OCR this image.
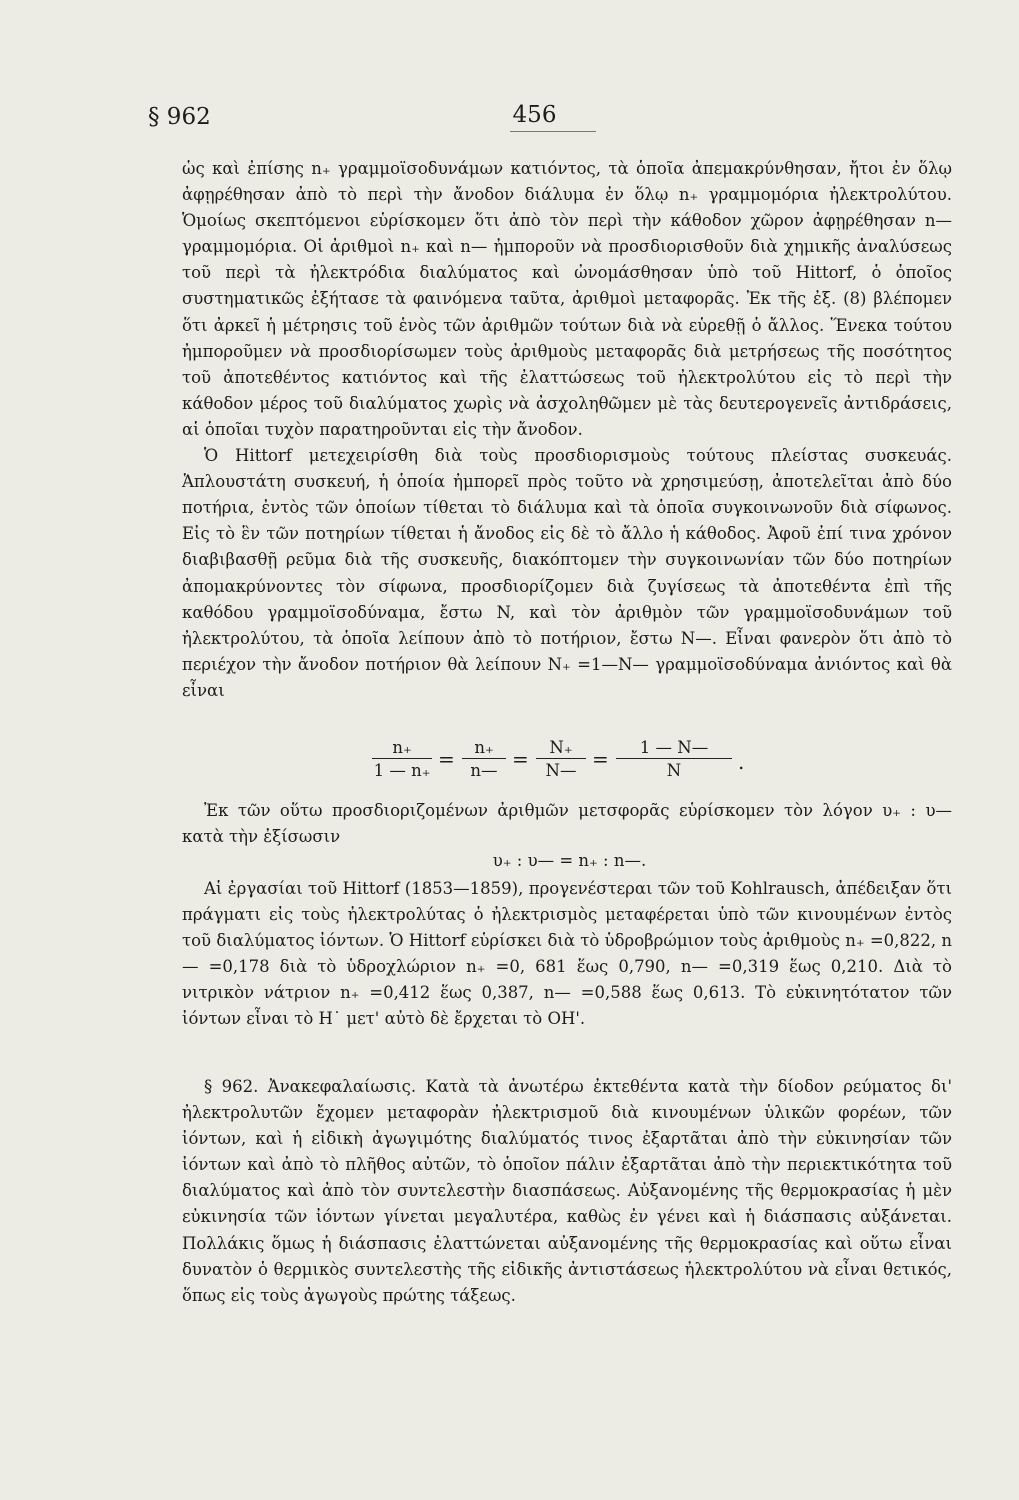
§ 962	456

ὡς καὶ ἐπίσης n₊ γραμμοϊσοδυνάμων κατιόντος, τὰ ὁποῖα ἀπεμακρύνθησαν, ἤτοι ἐν ὅλῳ ἀφῃρέθησαν ἀπὸ τὸ περὶ τὴν ἄνοδον διάλυμα ἐν ὅλῳ n₊ γραμμομόρια ἠλεκτρολύτου. Ὁμοίως σκεπτόμενοι εὑρίσκομεν ὅτι ἀπὸ τὸν περὶ τὴν κάθοδον χῶρον ἀφῃρέθησαν n— γραμμομόρια. Οἱ ἀριθμοὶ n₊ καὶ n— ἠμποροῦν νὰ προσδιορισθοῦν διὰ χημικῆς ἀναλύσεως τοῦ περὶ τὰ ἠλεκτρόδια διαλύματος καὶ ὠνομάσθησαν ὑπὸ τοῦ Hittorf, ὁ ὁποῖος συστηματικῶς ἐξήτασε τὰ φαινόμενα ταῦτα, ἀριθμοὶ μεταφορᾶς. Ἐκ τῆς ἐξ. (8) βλέπομεν ὅτι ἀρκεῖ ἡ μέτρησις τοῦ ἑνὸς τῶν ἀριθμῶν τούτων διὰ νὰ εὑρεθῇ ὁ ἄλλος. Ἕνεκα τούτου ἠμποροῦμεν νὰ προσδιορίσωμεν τοὺς ἀριθμοὺς μεταφορᾶς διὰ μετρήσεως τῆς ποσότητος τοῦ ἀποτεθέντος κατιόντος καὶ τῆς ἐλαττώσεως τοῦ ἠλεκτρολύτου εἰς τὸ περὶ τὴν κάθοδον μέρος τοῦ διαλύματος χωρὶς νὰ ἀσχοληθῶμεν μὲ τὰς δευτερογενεῖς ἀντιδράσεις, αἱ ὁποῖαι τυχὸν παρατηροῦνται εἰς τὴν ἄνοδον.

Ὁ Hittorf μετεχειρίσθη διὰ τοὺς προσδιορισμοὺς τούτους πλείστας συσκευάς. Ἁπλουστάτη συσκευή, ἡ ὁποία ἠμπορεῖ πρὸς τοῦτο νὰ χρησιμεύσῃ, ἀποτελεῖται ἀπὸ δύο ποτήρια, ἐντὸς τῶν ὁποίων τίθεται τὸ διάλυμα καὶ τὰ ὁποῖα συγκοινωνοῦν διὰ σίφωνος. Εἰς τὸ ἓν τῶν ποτηρίων τίθεται ἡ ἄνοδος εἰς δὲ τὸ ἄλλο ἡ κάθοδος. Ἀφοῦ ἐπί τινα χρόνον διαβιβασθῇ ρεῦμα διὰ τῆς συσκευῆς, διακόπτομεν τὴν συγκοινωνίαν τῶν δύο ποτηρίων ἀπομακρύνοντες τὸν σίφωνα, προσδιορίζομεν διὰ ζυγίσεως τὰ ἀποτεθέντα ἐπὶ τῆς καθόδου γραμμοϊσοδύναμα, ἔστω N, καὶ τὸν ἀριθμὸν τῶν γραμμοϊσοδυνάμων τοῦ ἠλεκτρολύτου, τὰ ὁποῖα λείπουν ἀπὸ τὸ ποτήριον, ἔστω N—. Εἶναι φανερὸν ὅτι ἀπὸ τὸ περιέχον τὴν ἄνοδον ποτήριον θὰ λείπουν N₊ =1—N— γραμμοϊσοδύναμα ἀνιόντος καὶ θὰ εἶναι

$\frac{n_+}{1 — n_+} = \frac{n_+}{n—} = \frac{N_+}{N—} = \frac{1 — N—}{N}$ .

Ἐκ τῶν οὕτω προσδιοριζομένων ἀριθμῶν μετσφορᾶς εὑρίσκομεν τὸν λόγον υ₊ : υ— κατὰ τὴν ἐξίσωσιν

υ₊ : υ— = n₊ : n—.

Αἱ ἐργασίαι τοῦ Hittorf (1853—1859), προγενέστεραι τῶν τοῦ Kohlrausch, ἀπέδειξαν ὅτι πράγματι εἰς τοὺς ἠλεκτρολύτας ὁ ἠλεκτρισμὸς μεταφέρεται ὑπὸ τῶν κινουμένων ἐντὸς τοῦ διαλύματος ἰόντων. Ὁ Hittorf εὑρίσκει διὰ τὸ ὑδροβρώμιον τοὺς ἀριθμοὺς n₊ =0,822, n— =0,178 διὰ τὸ ὑδροχλώριον n₊ =0, 681 ἕως 0,790, n— =0,319 ἕως 0,210. Διὰ τὸ νιτρικὸν νάτριον n₊ =0,412 ἕως 0,387, n— =0,588 ἕως 0,613. Τὸ εὐκινητότατον τῶν ἰόντων εἶναι τὸ H˙ μετ' αὐτὸ δὲ ἔρχεται τὸ OH'.

§ 962. Ἀνακεφαλαίωσις. Κατὰ τὰ ἀνωτέρω ἐκτεθέντα κατὰ τὴν δίοδον ρεύματος δι' ἠλεκτρολυτῶν ἔχομεν μεταφορὰν ἠλεκτρισμοῦ διὰ κινουμένων ὑλικῶν φορέων, τῶν ἰόντων, καὶ ἡ εἰδικὴ ἀγωγιμότης διαλύματός τινος ἐξαρτᾶται ἀπὸ τὴν εὐκινησίαν τῶν ἰόντων καὶ ἀπὸ τὸ πλῆθος αὐτῶν, τὸ ὁποῖον πάλιν ἐξαρτᾶται ἀπὸ τὴν περιεκτικότητα τοῦ διαλύματος καὶ ἀπὸ τὸν συντελεστὴν διασπάσεως. Αὐξανομένης τῆς θερμοκρασίας ἡ μὲν εὐκινησία τῶν ἰόντων γίνεται μεγαλυτέρα, καθὼς ἐν γένει καὶ ἡ διάσπασις αὐξάνεται. Πολλάκις ὅμως ἡ διάσπασις ἐλαττώνεται αὐξανομένης τῆς θερμοκρασίας καὶ οὕτω εἶναι δυνατὸν ὁ θερμικὸς συντελεστὴς τῆς εἰδικῆς ἀντιστάσεως ἠλεκτρολύτου νὰ εἶναι θετικός, ὅπως εἰς τοὺς ἀγωγοὺς πρώτης τάξεως.
